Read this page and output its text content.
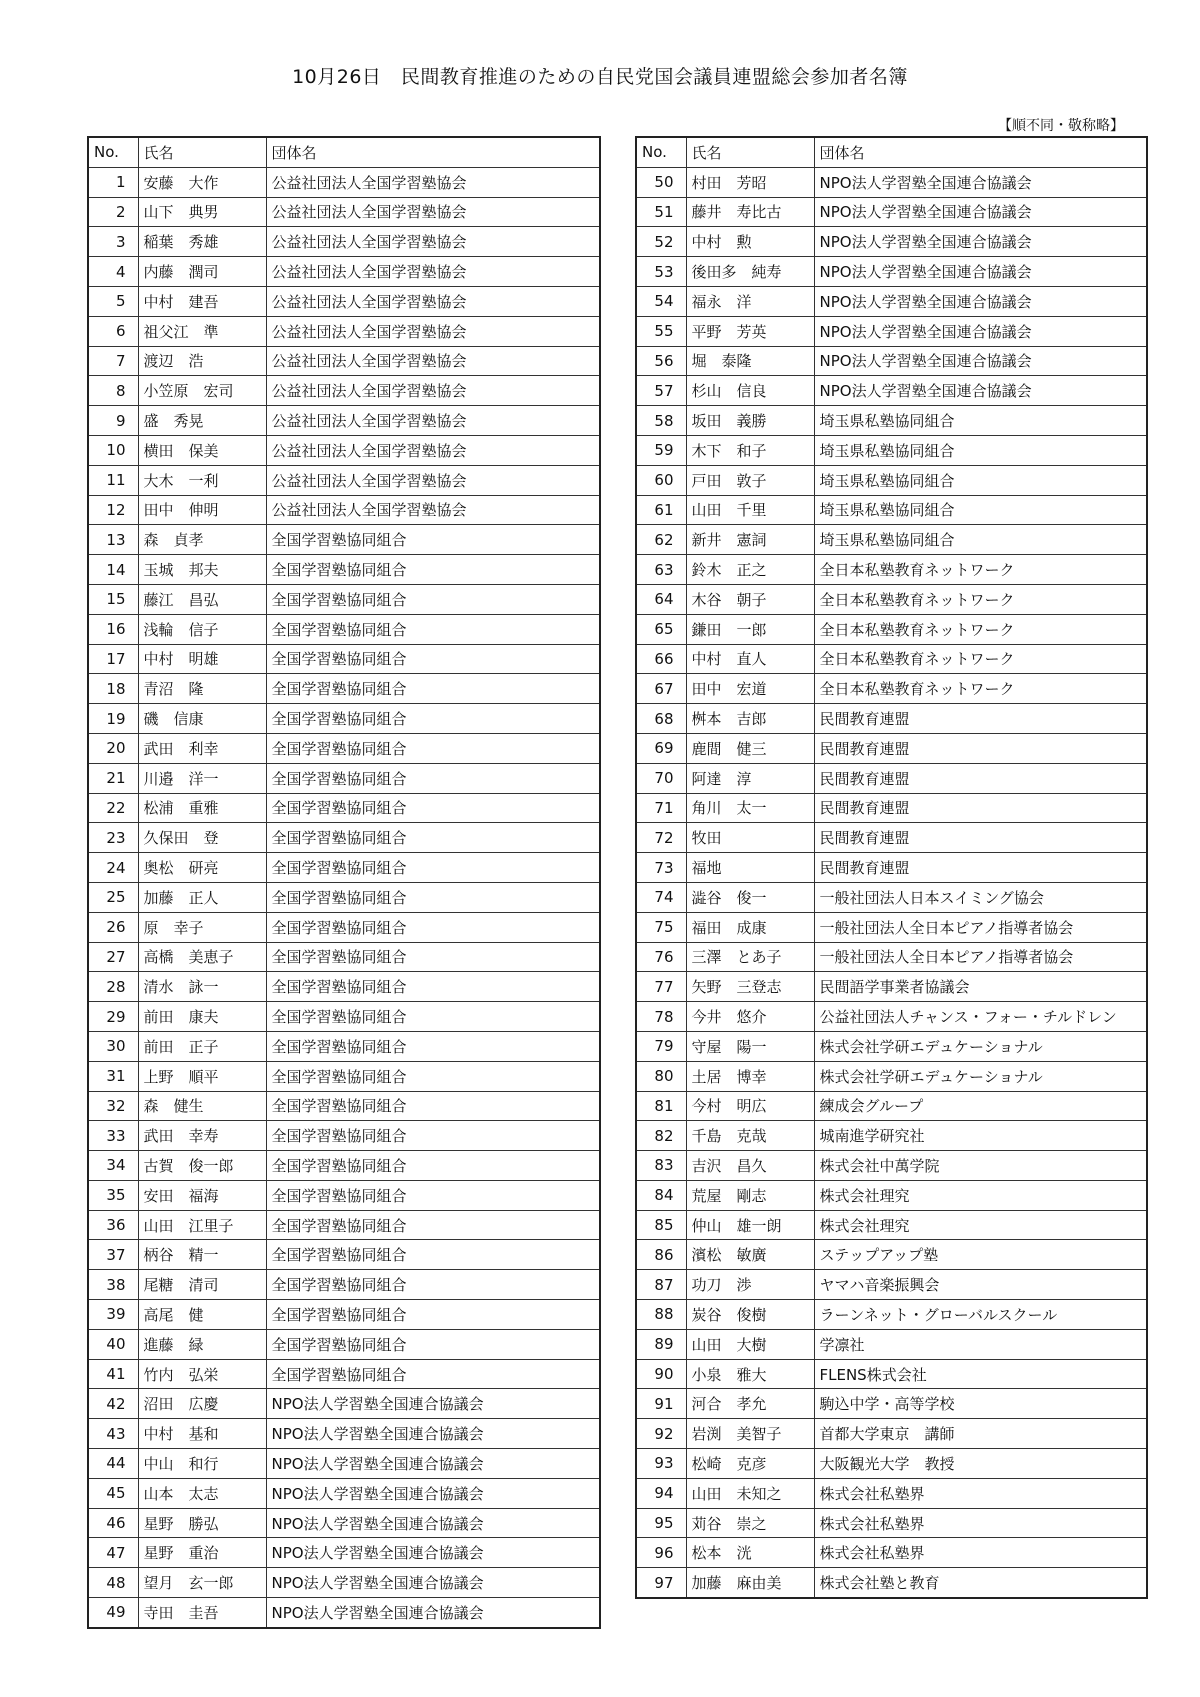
10月26日　民間教育推進のための自民党国会議員連盟総会参加者名簿
【順不同・敬称略】
No.	氏名	団体名
1	安藤　大作	公益社団法人全国学習塾協会
2	山下　典男	公益社団法人全国学習塾協会
3	稲葉　秀雄	公益社団法人全国学習塾協会
4	内藤　潤司	公益社団法人全国学習塾協会
5	中村　建吾	公益社団法人全国学習塾協会
6	祖父江　準	公益社団法人全国学習塾協会
7	渡辺　浩	公益社団法人全国学習塾協会
8	小笠原　宏司	公益社団法人全国学習塾協会
9	盛　秀晃	公益社団法人全国学習塾協会
10	横田　保美	公益社団法人全国学習塾協会
11	大木　一利	公益社団法人全国学習塾協会
12	田中　伸明	公益社団法人全国学習塾協会
13	森　貞孝	全国学習塾協同組合
14	玉城　邦夫	全国学習塾協同組合
15	藤江　昌弘	全国学習塾協同組合
16	浅輪　信子	全国学習塾協同組合
17	中村　明雄	全国学習塾協同組合
18	青沼　隆	全国学習塾協同組合
19	磯　信康	全国学習塾協同組合
20	武田　利幸	全国学習塾協同組合
21	川邉　洋一	全国学習塾協同組合
22	松浦　重雅	全国学習塾協同組合
23	久保田　登	全国学習塾協同組合
24	奥松　研亮	全国学習塾協同組合
25	加藤　正人	全国学習塾協同組合
26	原　幸子	全国学習塾協同組合
27	高橋　美恵子	全国学習塾協同組合
28	清水　詠一	全国学習塾協同組合
29	前田　康夫	全国学習塾協同組合
30	前田　正子	全国学習塾協同組合
31	上野　順平	全国学習塾協同組合
32	森　健生	全国学習塾協同組合
33	武田　幸寿	全国学習塾協同組合
34	古賀　俊一郎	全国学習塾協同組合
35	安田　福海	全国学習塾協同組合
36	山田　江里子	全国学習塾協同組合
37	柄谷　精一	全国学習塾協同組合
38	尾糖　清司	全国学習塾協同組合
39	高尾　健	全国学習塾協同組合
40	進藤　緑	全国学習塾協同組合
41	竹内　弘栄	全国学習塾協同組合
42	沼田　広慶	NPO法人学習塾全国連合協議会
43	中村　基和	NPO法人学習塾全国連合協議会
44	中山　和行	NPO法人学習塾全国連合協議会
45	山本　太志	NPO法人学習塾全国連合協議会
46	星野　勝弘	NPO法人学習塾全国連合協議会
47	星野　重治	NPO法人学習塾全国連合協議会
48	望月　玄一郎	NPO法人学習塾全国連合協議会
49	寺田　圭吾	NPO法人学習塾全国連合協議会
No.	氏名	団体名
50	村田　芳昭	NPO法人学習塾全国連合協議会
51	藤井　寿比古	NPO法人学習塾全国連合協議会
52	中村　勲	NPO法人学習塾全国連合協議会
53	後田多　純寿	NPO法人学習塾全国連合協議会
54	福永　洋	NPO法人学習塾全国連合協議会
55	平野　芳英	NPO法人学習塾全国連合協議会
56	堀　泰隆	NPO法人学習塾全国連合協議会
57	杉山　信良	NPO法人学習塾全国連合協議会
58	坂田　義勝	埼玉県私塾協同組合
59	木下　和子	埼玉県私塾協同組合
60	戸田　敦子	埼玉県私塾協同組合
61	山田　千里	埼玉県私塾協同組合
62	新井　憲詞	埼玉県私塾協同組合
63	鈴木　正之	全日本私塾教育ネットワーク
64	木谷　朝子	全日本私塾教育ネットワーク
65	鎌田　一郎	全日本私塾教育ネットワーク
66	中村　直人	全日本私塾教育ネットワーク
67	田中　宏道	全日本私塾教育ネットワーク
68	桝本　吉郎	民間教育連盟
69	鹿間　健三	民間教育連盟
70	阿達　淳	民間教育連盟
71	角川　太一	民間教育連盟
72	牧田	民間教育連盟
73	福地	民間教育連盟
74	澁谷　俊一	一般社団法人日本スイミング協会
75	福田　成康	一般社団法人全日本ピアノ指導者協会
76	三澤　とあ子	一般社団法人全日本ピアノ指導者協会
77	矢野　三登志	民間語学事業者協議会
78	今井　悠介	公益社団法人チャンス・フォー・チルドレン
79	守屋　陽一	株式会社学研エデュケーショナル
80	土居　博幸	株式会社学研エデュケーショナル
81	今村　明広	練成会グループ
82	千島　克哉	城南進学研究社
83	吉沢　昌久	株式会社中萬学院
84	荒屋　剛志	株式会社理究
85	仲山　雄一朗	株式会社理究
86	濱松　敏廣	ステップアップ塾
87	功刀　渉	ヤマハ音楽振興会
88	炭谷　俊樹	ラーンネット・グローバルスクール
89	山田　大樹	学凛社
90	小泉　雅大	FLENS株式会社
91	河合　孝允	駒込中学・高等学校
92	岩渕　美智子	首都大学東京　講師
93	松崎　克彦	大阪観光大学　教授
94	山田　未知之	株式会社私塾界
95	苅谷　崇之	株式会社私塾界
96	松本　洸	株式会社私塾界
97	加藤　麻由美	株式会社塾と教育
